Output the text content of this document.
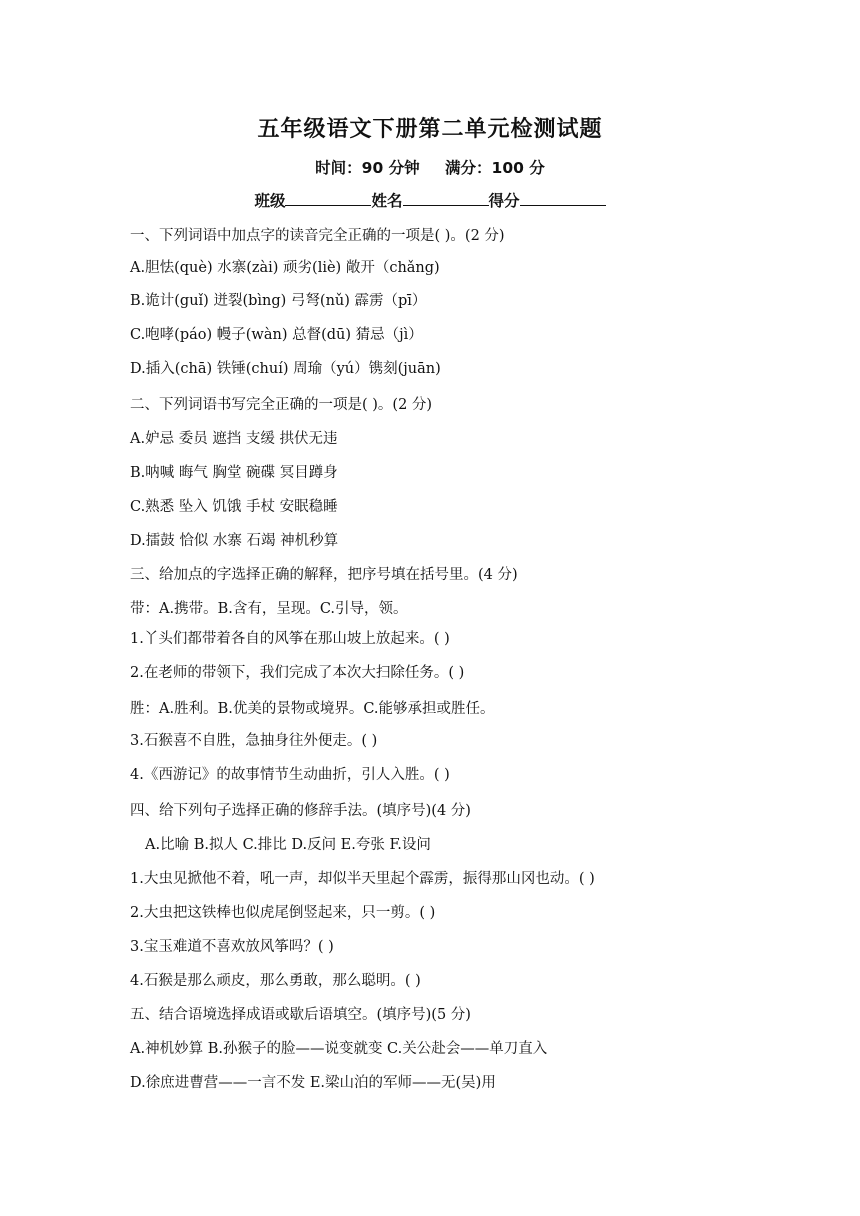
五年级语文下册第二单元检测试题
时间：90 分钟 满分：100 分
班级	姓名	得分
一、下列词语中加点字的读音完全正确的一项是( )。(2 分)
A.胆怯(què) 水寨(zài) 顽劣(liè) 敞开（chǎng)
B.诡计(guǐ) 迸裂(bìng) 弓弩(nǔ) 霹雳（pī）
C.咆哮(páo) 幔子(wàn) 总督(dū) 猜忌（jì）
D.插入(chā) 铁锤(chuí) 周瑜（yú）镌刻(juān)
二、下列词语书写完全正确的一项是( )。(2 分)
A.妒忌 委员 遮挡 支缓 拱伏无违
B.呐喊 晦气 胸堂 碗碟 冥目蹲身
C.熟悉 坠入 饥饿 手杖 安眠稳睡
D.擂鼓 恰似 水寨 石竭 神机秒算
三、给加点的字选择正确的解释，把序号填在括号里。(4 分)
带：A.携带。B.含有，呈现。C.引导，领。
1.丫头们都带着各自的风筝在那山坡上放起来。( )
2.在老师的带领下，我们完成了本次大扫除任务。( )
胜：A.胜利。B.优美的景物或境界。C.能够承担或胜任。
3.石猴喜不自胜，急抽身往外便走。( )
4.《西游记》的故事情节生动曲折，引人入胜。( )
四、给下列句子选择正确的修辞手法。(填序号)(4 分)
A.比喻 B.拟人 C.排比 D.反问 E.夸张 F.设问
1.大虫见掀他不着，吼一声，却似半天里起个霹雳，振得那山冈也动。( )
2.大虫把这铁棒也似虎尾倒竖起来，只一剪。( )
3.宝玉难道不喜欢放风筝吗？( )
4.石猴是那么顽皮，那么勇敢，那么聪明。( )
五、结合语境选择成语或歇后语填空。(填序号)(5 分)
A.神机妙算 B.孙猴子的脸——说变就变 C.关公赴会——单刀直入
D.徐庶进曹营——一言不发 E.梁山泊的军师——无(吴)用
